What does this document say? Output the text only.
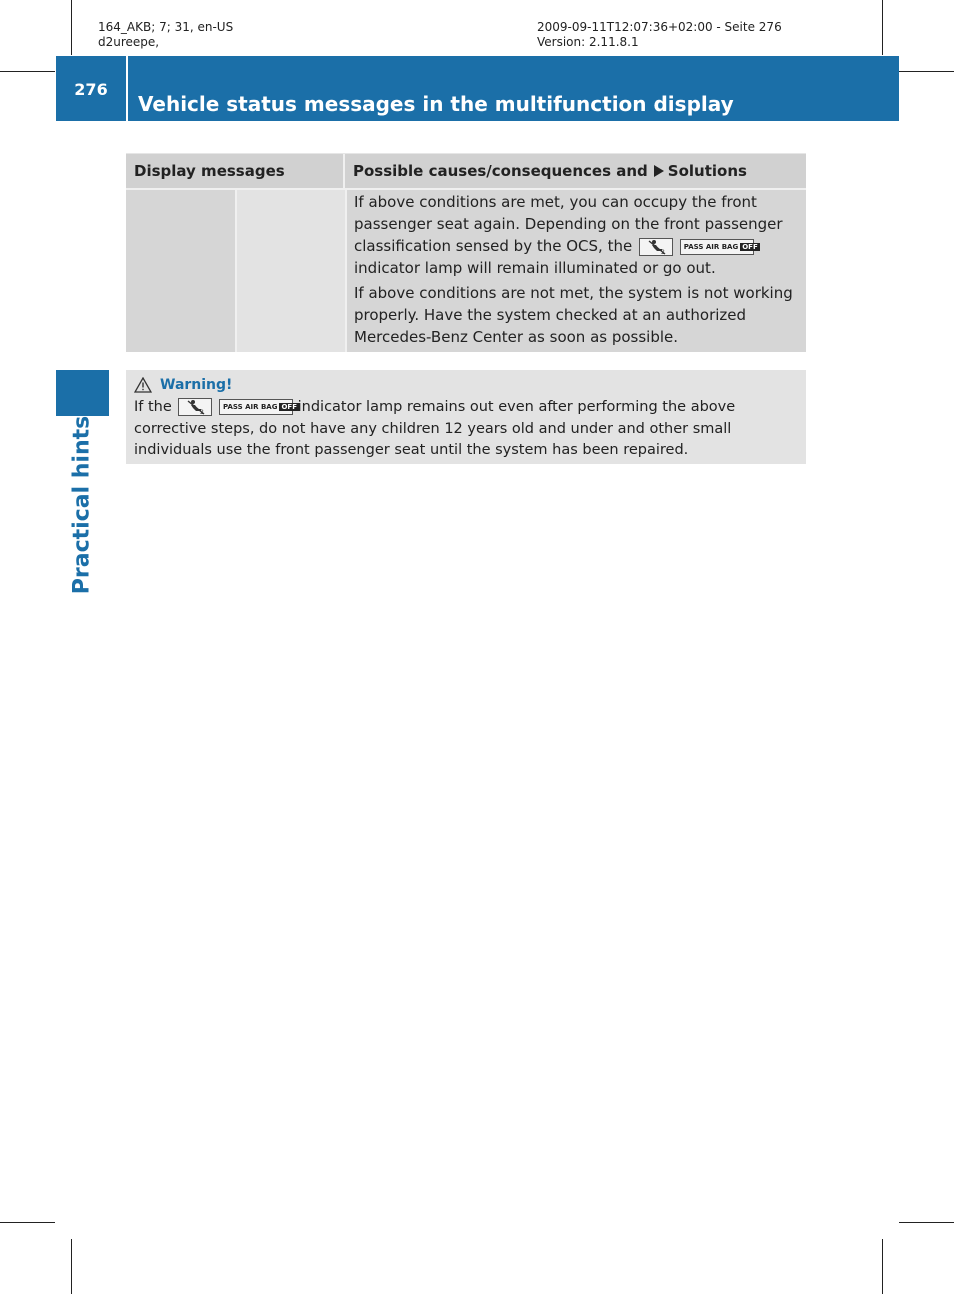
164_AKB; 7; 31, en-US
d2ureepe,
2009-09-11T12:07:36+02:00 - Seite 276
Version: 2.11.8.1
276
Vehicle status messages in the multifunction display
Practical hints
Display messages	Possible causes/consequences and Solutions

If above conditions are met, you can occupy the front passenger seat again. Depending on the front passenger classification sensed by the OCS, the	2
PASS AIR BAG OFF indicator lamp will remain illuminated or go out.

If above conditions are not met, the system is not working properly. Have the system checked at an authorized Mercedes-Benz Center as soon as possible.

Warning!

If the	2
PASS AIR BAG OFF indicator lamp remains out even after performing the above corrective steps, do not have any children 12 years old and under and other small individuals use the front passenger seat until the system has been repaired.
